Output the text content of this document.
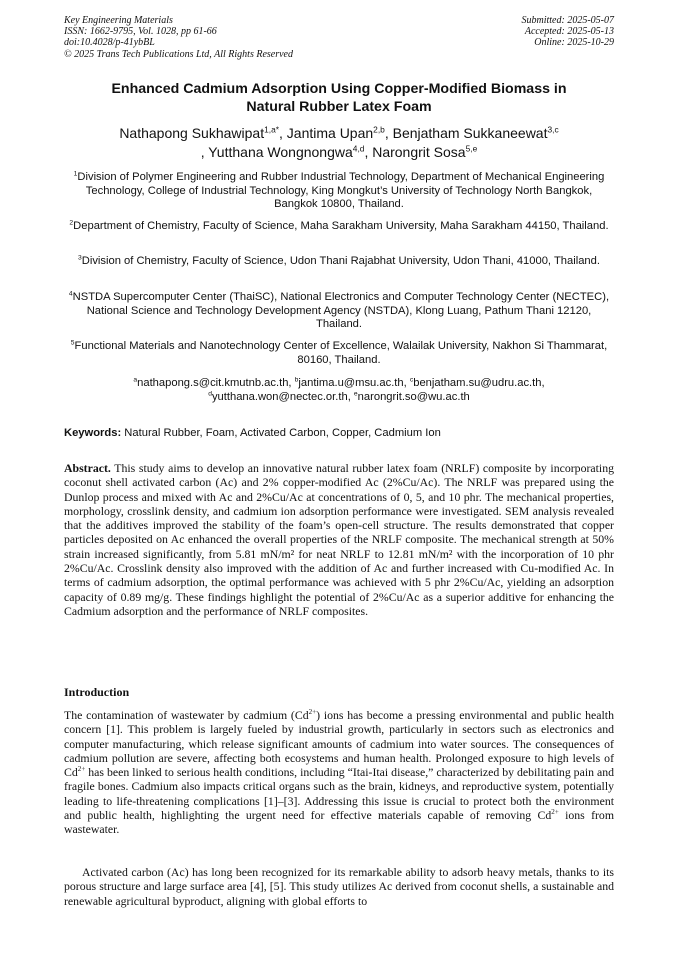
Key Engineering Materials
ISSN: 1662-9795, Vol. 1028, pp 61-66
doi:10.4028/p-41ybBL
© 2025 Trans Tech Publications Ltd, All Rights Reserved
Submitted: 2025-05-07
Accepted: 2025-05-13
Online: 2025-10-29
Enhanced Cadmium Adsorption Using Copper-Modified Biomass in
Natural Rubber Latex Foam
Nathapong Sukhawipat$^{1,a*}$, Jantima Upan$^{2,b}$, Benjatham Sukkaneewat$^{3,c}$
, Yutthana Wongnongwa$^{4,d}$, Narongrit Sosa$^{5,e}$
$^1$Division of Polymer Engineering and Rubber Industrial Technology, Department of Mechanical Engineering Technology, College of Industrial Technology, King Mongkut’s University of Technology North Bangkok, Bangkok 10800, Thailand.
$^2$Department of Chemistry, Faculty of Science, Maha Sarakham University, Maha Sarakham 44150, Thailand.
$^3$Division of Chemistry, Faculty of Science, Udon Thani Rajabhat University, Udon Thani, 41000, Thailand.
$^4$NSTDA Supercomputer Center (ThaiSC), National Electronics and Computer Technology Center (NECTEC), National Science and Technology Development Agency (NSTDA), Klong Luang, Pathum Thani 12120, Thailand.
$^5$Functional Materials and Nanotechnology Center of Excellence, Walailak University, Nakhon Si Thammarat, 80160, Thailand.
$^a$nathapong.s@cit.kmutnb.ac.th, $^b$jantima.u@msu.ac.th, $^c$benjatham.su@udru.ac.th,
$^d$yutthana.won@nectec.or.th, $^e$narongrit.so@wu.ac.th
Keywords: Natural Rubber, Foam, Activated Carbon, Copper, Cadmium Ion

Abstract. This study aims to develop an innovative natural rubber latex foam (NRLF) composite by incorporating coconut shell activated carbon (Ac) and 2% copper-modified Ac (2%Cu/Ac). The NRLF was prepared using the Dunlop process and mixed with Ac and 2%Cu/Ac at concentrations of 0, 5, and 10 phr. The mechanical properties, morphology, crosslink density, and cadmium ion adsorption performance were investigated. SEM analysis revealed that the additives improved the stability of the foam’s open-cell structure. The results demonstrated that copper particles deposited on Ac enhanced the overall properties of the NRLF composite. The mechanical strength at 50% strain increased significantly, from 5.81 mN/m² for neat NRLF to 12.81 mN/m² with the incorporation of 10 phr 2%Cu/Ac. Crosslink density also improved with the addition of Ac and further increased with Cu-modified Ac. In terms of cadmium adsorption, the optimal performance was achieved with 5 phr 2%Cu/Ac, yielding an adsorption capacity of 0.89 mg/g. These findings highlight the potential of 2%Cu/Ac as a superior additive for enhancing the Cadmium adsorption and the performance of NRLF composites.

Introduction

The contamination of wastewater by cadmium $(Cd^{2+})$ ions has become a pressing environmental and public health concern [1]. This problem is largely fueled by industrial growth, particularly in sectors such as electronics and computer manufacturing, which release significant amounts of cadmium into water sources. The consequences of cadmium pollution are severe, affecting both ecosystems and human health. Prolonged exposure to high levels of $Cd^{2+}$ has been linked to serious health conditions, including “Itai-Itai disease,” characterized by debilitating pain and fragile bones. Cadmium also impacts critical organs such as the brain, kidneys, and reproductive system, potentially leading to life-threatening complications [1]–[3]. Addressing this issue is crucial to protect both the environment and public health, highlighting the urgent need for effective materials capable of removing $Cd^{2+}$ ions from wastewater.

Activated carbon (Ac) has long been recognized for its remarkable ability to adsorb heavy metals, thanks to its porous structure and large surface area [4], [5]. This study utilizes Ac derived from coconut shells, a sustainable and renewable agricultural byproduct, aligning with global efforts to
